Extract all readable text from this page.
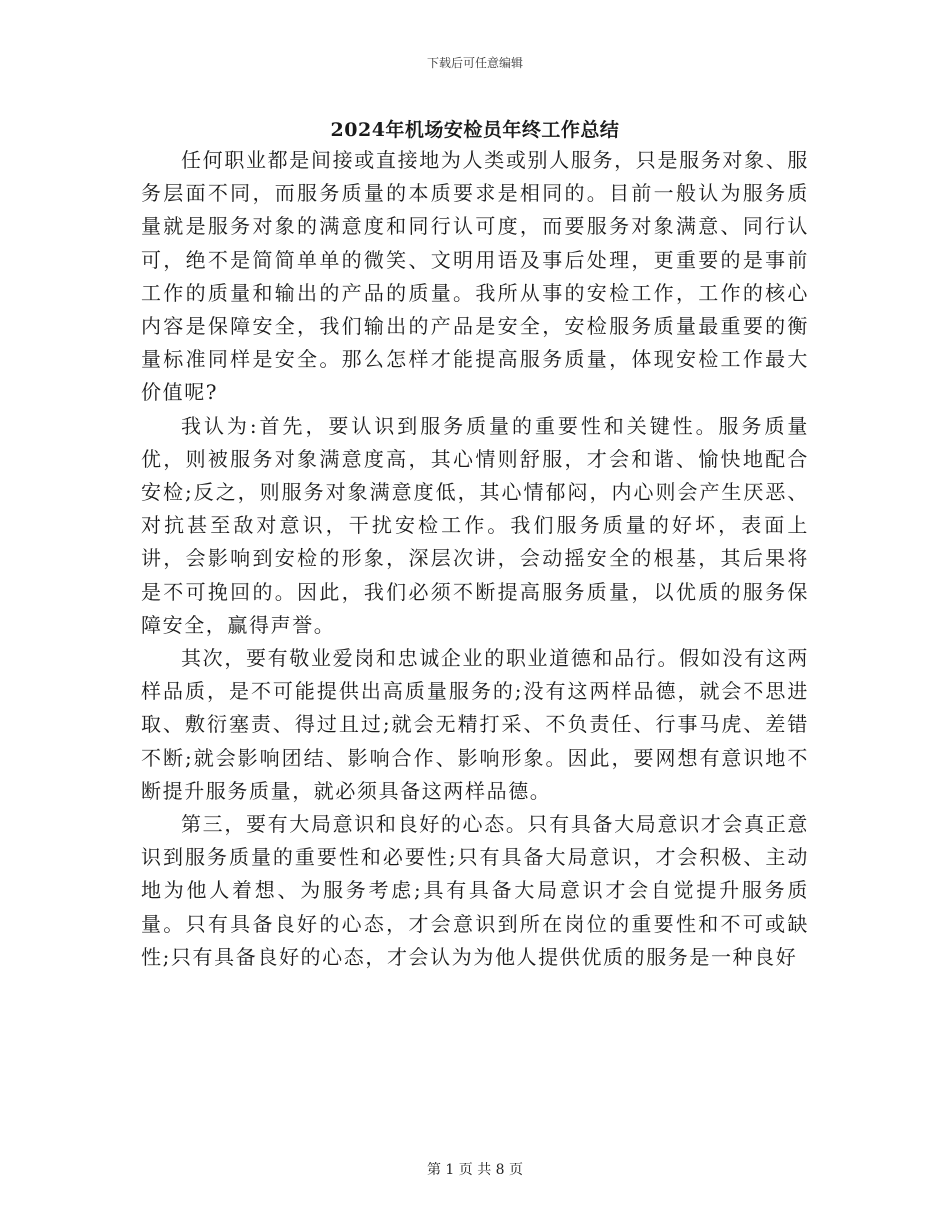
下载后可任意编辑
2024年机场安检员年终工作总结

任何职业都是间接或直接地为人类或别人服务，只是服务对象、服务层面不同，而服务质量的本质要求是相同的。目前一般认为服务质量就是服务对象的满意度和同行认可度，而要服务对象满意、同行认可，绝不是简简单单的微笑、文明用语及事后处理，更重要的是事前工作的质量和输出的产品的质量。我所从事的安检工作，工作的核心内容是保障安全，我们输出的产品是安全，安检服务质量最重要的衡量标准同样是安全。那么怎样才能提高服务质量，体现安检工作最大价值呢?

我认为:首先，要认识到服务质量的重要性和关键性。服务质量优，则被服务对象满意度高，其心情则舒服，才会和谐、愉快地配合安检;反之，则服务对象满意度低，其心情郁闷，内心则会产生厌恶、对抗甚至敌对意识，干扰安检工作。我们服务质量的好坏，表面上讲，会影响到安检的形象，深层次讲，会动摇安全的根基，其后果将是不可挽回的。因此，我们必须不断提高服务质量，以优质的服务保障安全，赢得声誉。

其次，要有敬业爱岗和忠诚企业的职业道德和品行。假如没有这两样品质，是不可能提供出高质量服务的;没有这两样品德，就会不思进取、敷衍塞责、得过且过;就会无精打采、不负责任、行事马虎、差错不断;就会影响团结、影响合作、影响形象。因此，要网想有意识地不断提升服务质量，就必须具备这两样品德。

第三，要有大局意识和良好的心态。只有具备大局意识才会真正意识到服务质量的重要性和必要性;只有具备大局意识，才会积极、主动地为他人着想、为服务考虑;具有具备大局意识才会自觉提升服务质量。只有具备良好的心态，才会意识到所在岗位的重要性和不可或缺性;只有具备良好的心态，才会认为为他人提供优质的服务是一种良好

第 1 页 共 8 页
